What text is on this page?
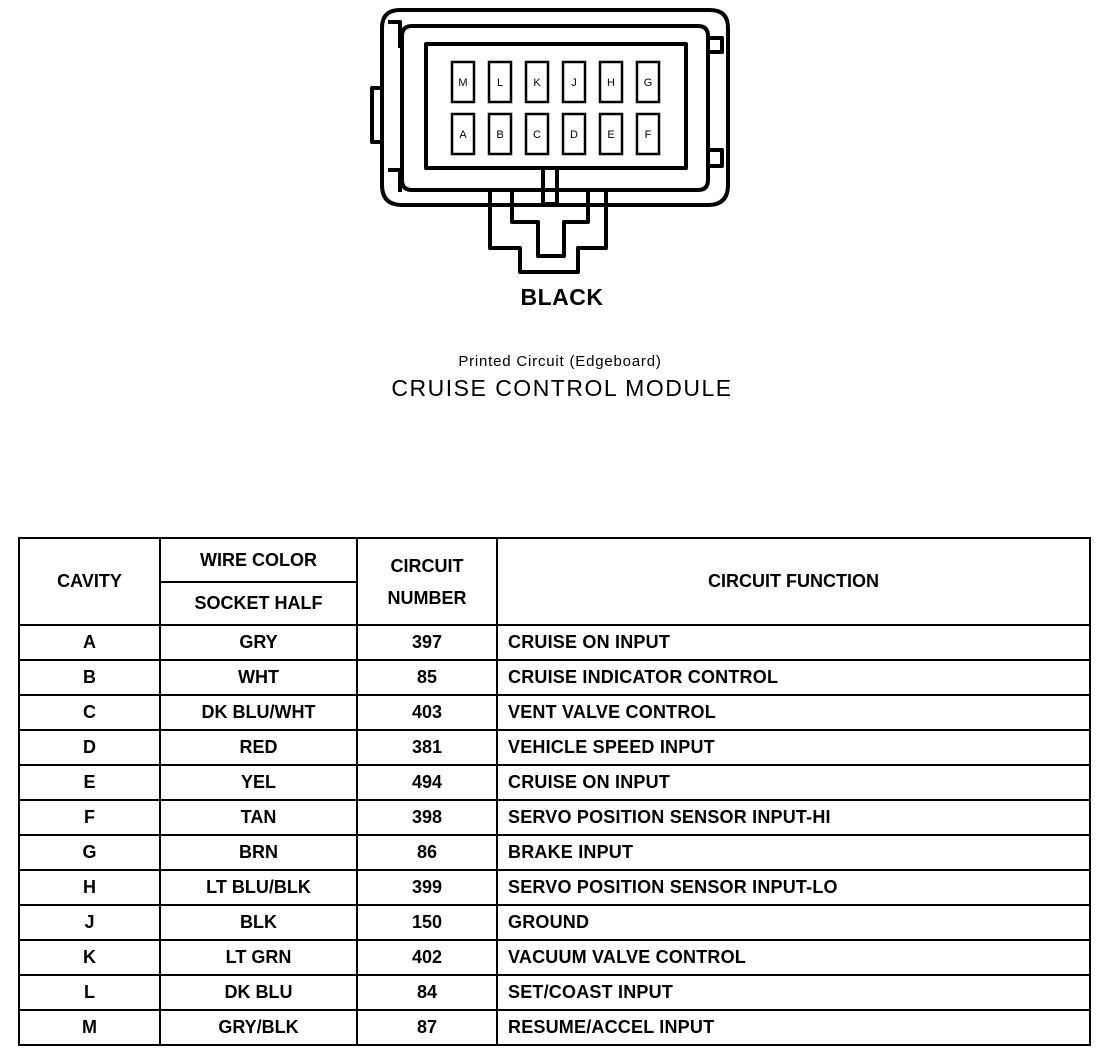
M	L	K	J	H	G
A	B	C	D	E	F
BLACK
Printed Circuit (Edgeboard)
CRUISE CONTROL MODULE
CAVITY	WIRE COLOR	CIRCUIT NUMBER	CIRCUIT FUNCTION
	SOCKET HALF		
A	GRY	397	CRUISE ON INPUT
B	WHT	85	CRUISE INDICATOR CONTROL
C	DK BLU/WHT	403	VENT VALVE CONTROL
D	RED	381	VEHICLE SPEED INPUT
E	YEL	494	CRUISE ON INPUT
F	TAN	398	SERVO POSITION SENSOR INPUT-HI
G	BRN	86	BRAKE INPUT
H	LT BLU/BLK	399	SERVO POSITION SENSOR INPUT-LO
J	BLK	150	GROUND
K	LT GRN	402	VACUUM VALVE CONTROL
L	DK BLU	84	SET/COAST INPUT
M	GRY/BLK	87	RESUME/ACCEL INPUT
